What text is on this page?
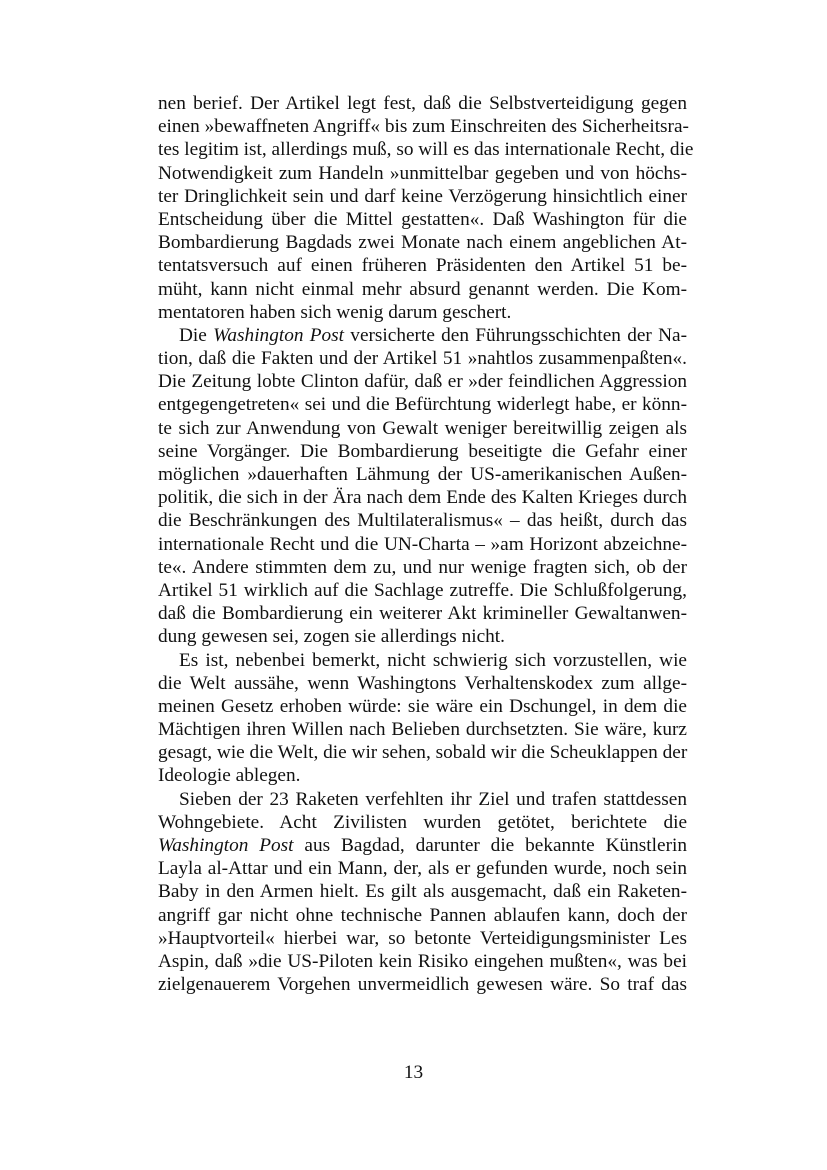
nen berief. Der Artikel legt fest, daß die Selbstverteidigung gegen
einen »bewaffneten Angriff« bis zum Einschreiten des Sicherheitsra-
tes legitim ist, allerdings muß, so will es das internationale Recht, die
Notwendigkeit zum Handeln »unmittelbar gegeben und von höchs-
ter Dringlichkeit sein und darf keine Verzögerung hinsichtlich einer
Entscheidung über die Mittel gestatten«. Daß Washington für die
Bombardierung Bagdads zwei Monate nach einem angeblichen At-
tentatsversuch auf einen früheren Präsidenten den Artikel 51 be-
müht, kann nicht einmal mehr absurd genannt werden. Die Kom-
mentatoren haben sich wenig darum geschert.
Die Washington Post versicherte den Führungsschichten der Na-
tion, daß die Fakten und der Artikel 51 »nahtlos zusammenpaßten«.
Die Zeitung lobte Clinton dafür, daß er »der feindlichen Aggression
entgegengetreten« sei und die Befürchtung widerlegt habe, er könn-
te sich zur Anwendung von Gewalt weniger bereitwillig zeigen als
seine Vorgänger. Die Bombardierung beseitigte die Gefahr einer
möglichen »dauerhaften Lähmung der US-amerikanischen Außen-
politik, die sich in der Ära nach dem Ende des Kalten Krieges durch
die Beschränkungen des Multilateralismus« – das heißt, durch das
internationale Recht und die UN-Charta – »am Horizont abzeichne-
te«. Andere stimmten dem zu, und nur wenige fragten sich, ob der
Artikel 51 wirklich auf die Sachlage zutreffe. Die Schlußfolgerung,
daß die Bombardierung ein weiterer Akt krimineller Gewaltanwen-
dung gewesen sei, zogen sie allerdings nicht.
Es ist, nebenbei bemerkt, nicht schwierig sich vorzustellen, wie
die Welt aussähe, wenn Washingtons Verhaltenskodex zum allge-
meinen Gesetz erhoben würde: sie wäre ein Dschungel, in dem die
Mächtigen ihren Willen nach Belieben durchsetzten. Sie wäre, kurz
gesagt, wie die Welt, die wir sehen, sobald wir die Scheuklappen der
Ideologie ablegen.
Sieben der 23 Raketen verfehlten ihr Ziel und trafen stattdessen
Wohngebiete. Acht Zivilisten wurden getötet, berichtete die
Washington Post aus Bagdad, darunter die bekannte Künstlerin
Layla al-Attar und ein Mann, der, als er gefunden wurde, noch sein
Baby in den Armen hielt. Es gilt als ausgemacht, daß ein Raketen-
angriff gar nicht ohne technische Pannen ablaufen kann, doch der
»Hauptvorteil« hierbei war, so betonte Verteidigungsminister Les
Aspin, daß »die US-Piloten kein Risiko eingehen mußten«, was bei
zielgenauerem Vorgehen unvermeidlich gewesen wäre. So traf das
13
